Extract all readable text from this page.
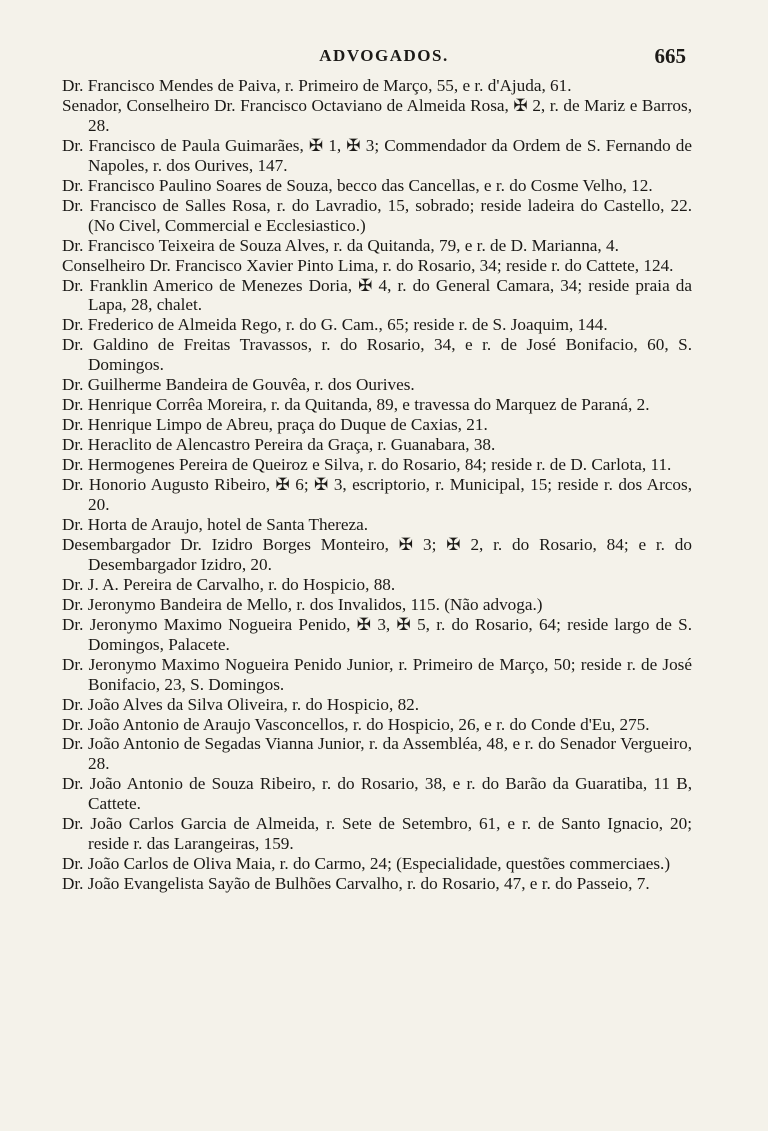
ADVOGADOS.	665

Dr. Francisco Mendes de Paiva, r. Primeiro de Março, 55, e r. d'Ajuda, 61.

Senador, Conselheiro Dr. Francisco Octaviano de Almeida Rosa, ✠ 2, r. de Mariz e Barros, 28.

Dr. Francisco de Paula Guimarães, ✠ 1, ✠ 3; Commendador da Ordem de S. Fernando de Napoles, r. dos Ourives, 147.

Dr. Francisco Paulino Soares de Souza, becco das Cancellas, e r. do Cosme Velho, 12.

Dr. Francisco de Salles Rosa, r. do Lavradio, 15, sobrado; reside ladeira do Castello, 22. (No Civel, Commercial e Ecclesiastico.)

Dr. Francisco Teixeira de Souza Alves, r. da Quitanda, 79, e r. de D. Marianna, 4.

Conselheiro Dr. Francisco Xavier Pinto Lima, r. do Rosario, 34; reside r. do Cattete, 124.

Dr. Franklin Americo de Menezes Doria, ✠ 4, r. do General Camara, 34; reside praia da Lapa, 28, chalet.

Dr. Frederico de Almeida Rego, r. do G. Cam., 65; reside r. de S. Joaquim, 144.

Dr. Galdino de Freitas Travassos, r. do Rosario, 34, e r. de José Bonifacio, 60, S. Domingos.

Dr. Guilherme Bandeira de Gouvêa, r. dos Ourives.

Dr. Henrique Corrêa Moreira, r. da Quitanda, 89, e travessa do Marquez de Paraná, 2.

Dr. Henrique Limpo de Abreu, praça do Duque de Caxias, 21.

Dr. Heraclito de Alencastro Pereira da Graça, r. Guanabara, 38.

Dr. Hermogenes Pereira de Queiroz e Silva, r. do Rosario, 84; reside r. de D. Carlota, 11.

Dr. Honorio Augusto Ribeiro, ✠ 6; ✠ 3, escriptorio, r. Municipal, 15; reside r. dos Arcos, 20.

Dr. Horta de Araujo, hotel de Santa Thereza.

Desembargador Dr. Izidro Borges Monteiro, ✠ 3; ✠ 2, r. do Rosario, 84; e r. do Desembargador Izidro, 20.

Dr. J. A. Pereira de Carvalho, r. do Hospicio, 88.

Dr. Jeronymo Bandeira de Mello, r. dos Invalidos, 115. (Não advoga.)

Dr. Jeronymo Maximo Nogueira Penido, ✠ 3, ✠ 5, r. do Rosario, 64; reside largo de S. Domingos, Palacete.

Dr. Jeronymo Maximo Nogueira Penido Junior, r. Primeiro de Março, 50; reside r. de José Bonifacio, 23, S. Domingos.

Dr. João Alves da Silva Oliveira, r. do Hospicio, 82.

Dr. João Antonio de Araujo Vasconcellos, r. do Hospicio, 26, e r. do Conde d'Eu, 275.

Dr. João Antonio de Segadas Vianna Junior, r. da Assembléa, 48, e r. do Senador Vergueiro, 28.

Dr. João Antonio de Souza Ribeiro, r. do Rosario, 38, e r. do Barão da Guaratiba, 11 B, Cattete.

Dr. João Carlos Garcia de Almeida, r. Sete de Setembro, 61, e r. de Santo Ignacio, 20; reside r. das Larangeiras, 159.

Dr. João Carlos de Oliva Maia, r. do Carmo, 24; (Especialidade, questões commerciaes.)

Dr. João Evangelista Sayão de Bulhões Carvalho, r. do Rosario, 47, e r. do Passeio, 7.
